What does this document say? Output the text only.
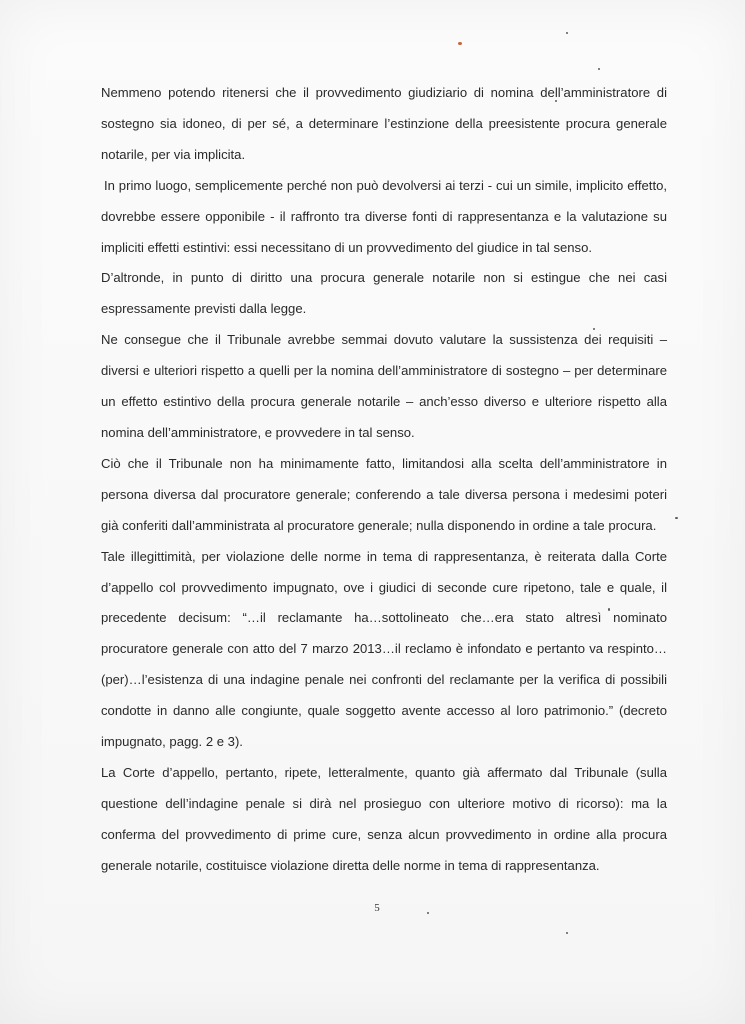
Nemmeno potendo ritenersi che il provvedimento giudiziario di nomina dell’amministratore di sostegno sia idoneo, di per sé, a determinare l’estinzione della preesistente procura generale notarile, per via implicita.

In primo luogo, semplicemente perché non può devolversi ai terzi - cui un simile, implicito effetto, dovrebbe essere opponibile - il raffronto tra diverse fonti di rappresentanza e la valutazione su impliciti effetti estintivi: essi necessitano di un provvedimento del giudice in tal senso.

D’altronde, in punto di diritto una procura generale notarile non si estingue che nei casi espressamente previsti dalla legge.

Ne consegue che il Tribunale avrebbe semmai dovuto valutare la sussistenza dei requisiti – diversi e ulteriori rispetto a quelli per la nomina dell’amministratore di sostegno – per determinare un effetto estintivo della procura generale notarile – anch’esso diverso e ulteriore rispetto alla nomina dell’amministratore, e provvedere in tal senso.

Ciò che il Tribunale non ha minimamente fatto, limitandosi alla scelta dell’amministratore in persona diversa dal procuratore generale; conferendo a tale diversa persona i medesimi poteri già conferiti dall’amministrata al procuratore generale; nulla disponendo in ordine a tale procura.

Tale illegittimità, per violazione delle norme in tema di rappresentanza, è reiterata dalla Corte d’appello col provvedimento impugnato, ove i giudici di seconde cure ripetono, tale e quale, il precedente decisum: “…il reclamante ha…sottolineato che…era stato altresì nominato procuratore generale con atto del 7 marzo 2013…il reclamo è infondato e pertanto va respinto…(per)…l’esistenza di una indagine penale nei confronti del reclamante per la verifica di possibili condotte in danno alle congiunte, quale soggetto avente accesso al loro patrimonio.” (decreto impugnato, pagg. 2 e 3).

La Corte d’appello, pertanto, ripete, letteralmente, quanto già affermato dal Tribunale (sulla questione dell’indagine penale si dirà nel prosieguo con ulteriore motivo di ricorso): ma la conferma del provvedimento di prime cure, senza alcun provvedimento in ordine alla procura generale notarile, costituisce violazione diretta delle norme in tema di rappresentanza.

5
